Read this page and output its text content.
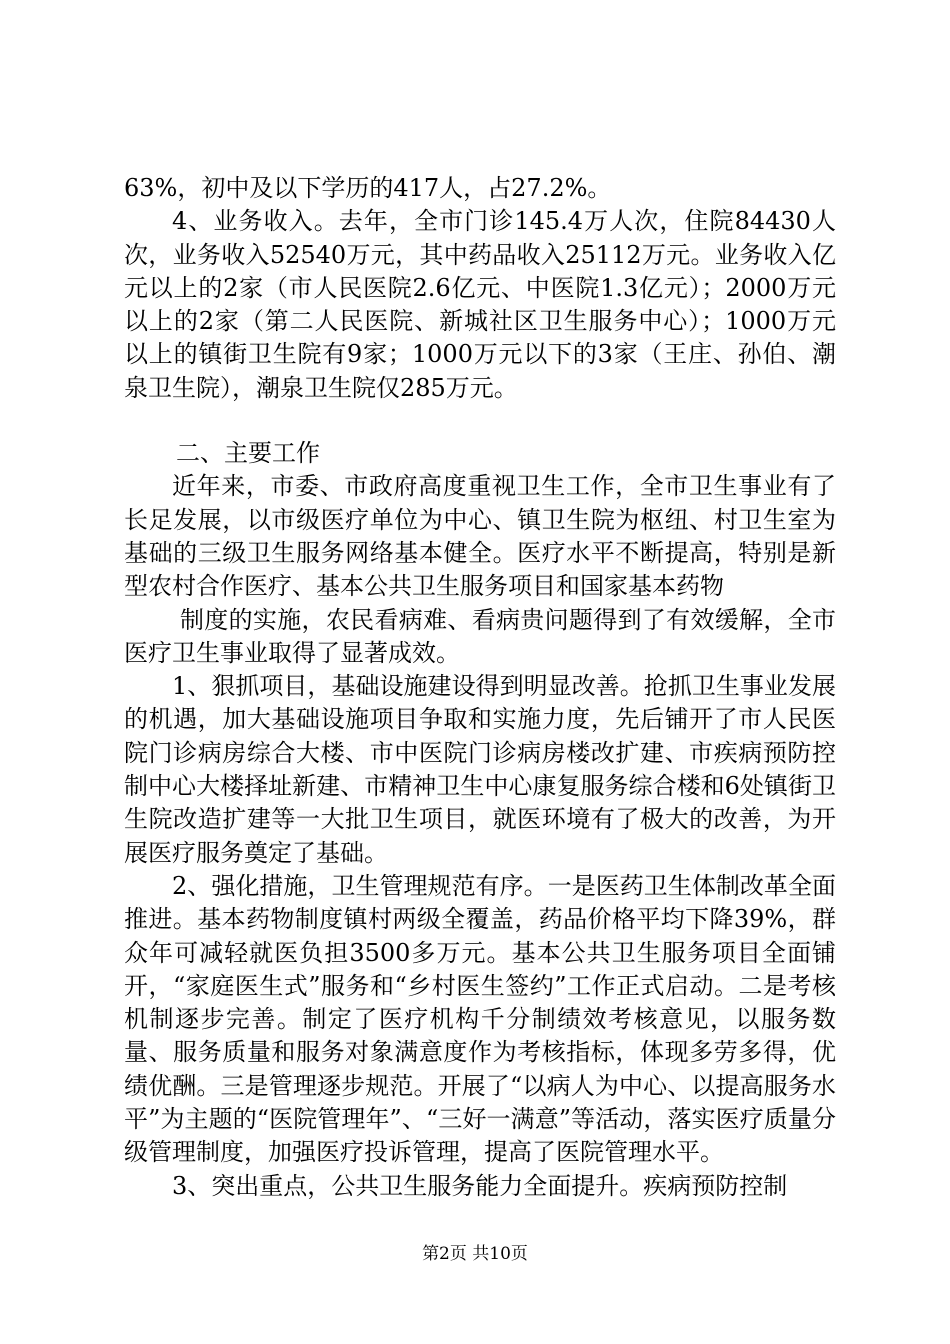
63%，初中及以下学历的417人，占27.2%。

4、业务收入。去年，全市门诊145.4万人次，住院84430人次，业务收入52540万元，其中药品收入25112万元。业务收入亿元以上的2家（市人民医院2.6亿元、中医院1.3亿元）；2000万元以上的2家（第二人民医院、新城社区卫生服务中心）；1000万元以上的镇街卫生院有9家；1000万元以下的3家（王庄、孙伯、潮泉卫生院），潮泉卫生院仅285万元。

二、主要工作

近年来，市委、市政府高度重视卫生工作，全市卫生事业有了长足发展，以市级医疗单位为中心、镇卫生院为枢纽、村卫生室为基础的三级卫生服务网络基本健全。医疗水平不断提高，特别是新型农村合作医疗、基本公共卫生服务项目和国家基本药物

制度的实施，农民看病难、看病贵问题得到了有效缓解，全市医疗卫生事业取得了显著成效。

1、狠抓项目，基础设施建设得到明显改善。抢抓卫生事业发展的机遇，加大基础设施项目争取和实施力度，先后铺开了市人民医院门诊病房综合大楼、市中医院门诊病房楼改扩建、市疾病预防控制中心大楼择址新建、市精神卫生中心康复服务综合楼和6处镇街卫生院改造扩建等一大批卫生项目，就医环境有了极大的改善，为开展医疗服务奠定了基础。

2、强化措施，卫生管理规范有序。一是医药卫生体制改革全面推进。基本药物制度镇村两级全覆盖，药品价格平均下降39%，群众年可减轻就医负担3500多万元。基本公共卫生服务项目全面铺开，“家庭医生式”服务和“乡村医生签约”工作正式启动。二是考核机制逐步完善。制定了医疗机构千分制绩效考核意见，以服务数量、服务质量和服务对象满意度作为考核指标，体现多劳多得，优绩优酬。三是管理逐步规范。开展了“以病人为中心、以提高服务水平”为主题的“医院管理年”、“三好一满意”等活动，落实医疗质量分级管理制度，加强医疗投诉管理，提高了医院管理水平。

3、突出重点，公共卫生服务能力全面提升。疾病预防控制

第2页 共10页
